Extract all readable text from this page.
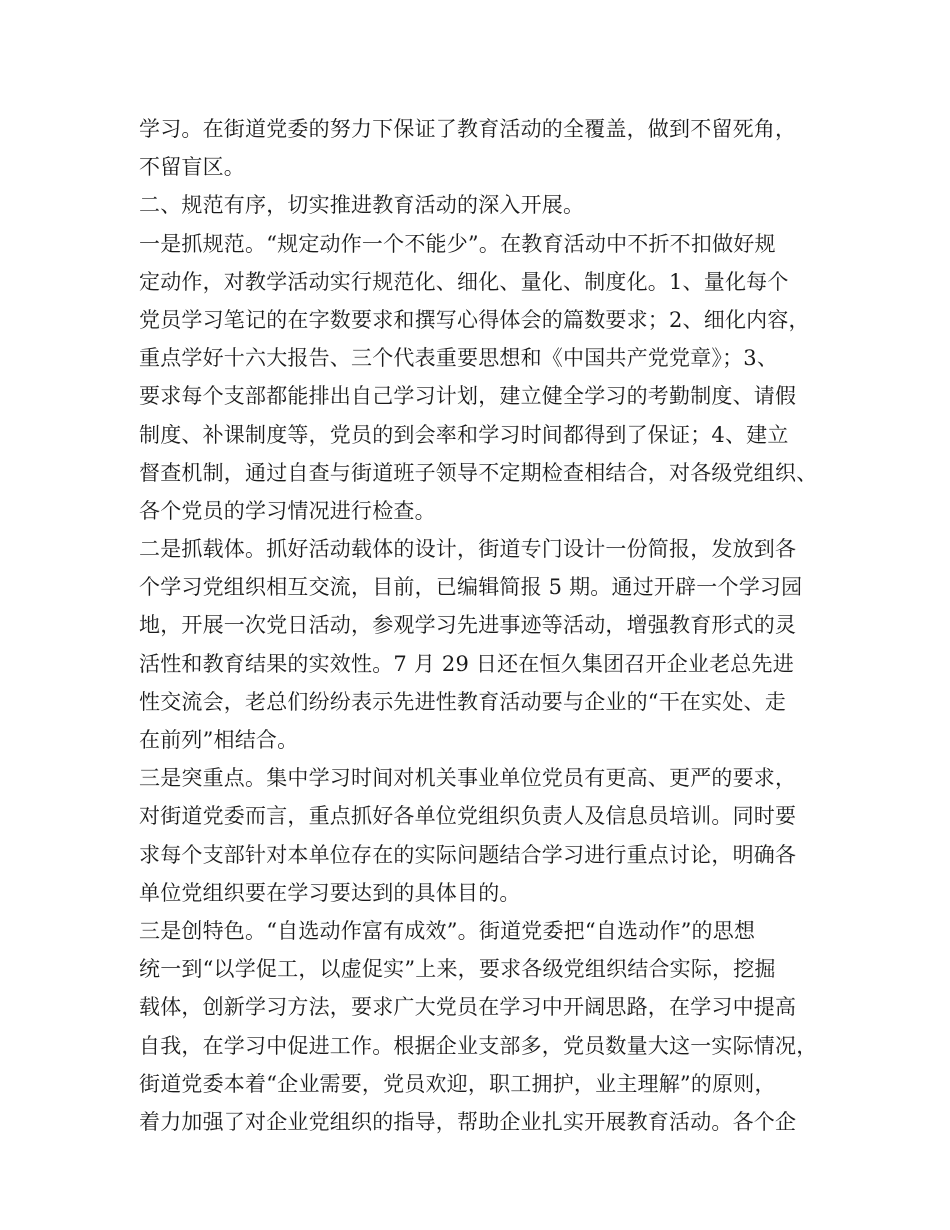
学习。在街道党委的努力下保证了教育活动的全覆盖，做到不留死角，
不留盲区。
二、规范有序，切实推进教育活动的深入开展。
一是抓规范。“规定动作一个不能少”。在教育活动中不折不扣做好规
定动作，对教学活动实行规范化、细化、量化、制度化。1、量化每个
党员学习笔记的在字数要求和撰写心得体会的篇数要求；2、细化内容，
重点学好十六大报告、三个代表重要思想和《中国共产党党章》；3、
要求每个支部都能排出自己学习计划，建立健全学习的考勤制度、请假
制度、补课制度等，党员的到会率和学习时间都得到了保证；4、建立
督查机制，通过自查与街道班子领导不定期检查相结合，对各级党组织、
各个党员的学习情况进行检查。
二是抓载体。抓好活动载体的设计，街道专门设计一份简报，发放到各
个学习党组织相互交流，目前，已编辑简报 5 期。通过开辟一个学习园
地，开展一次党日活动，参观学习先进事迹等活动，增强教育形式的灵
活性和教育结果的实效性。7 月 29 日还在恒久集团召开企业老总先进
性交流会，老总们纷纷表示先进性教育活动要与企业的“干在实处、走
在前列”相结合。
三是突重点。集中学习时间对机关事业单位党员有更高、更严的要求，
对街道党委而言，重点抓好各单位党组织负责人及信息员培训。同时要
求每个支部针对本单位存在的实际问题结合学习进行重点讨论，明确各
单位党组织要在学习要达到的具体目的。
三是创特色。“自选动作富有成效”。街道党委把“自选动作”的思想
统一到“以学促工，以虚促实”上来，要求各级党组织结合实际，挖掘
载体，创新学习方法，要求广大党员在学习中开阔思路，在学习中提高
自我，在学习中促进工作。根据企业支部多，党员数量大这一实际情况，
街道党委本着“企业需要，党员欢迎，职工拥护，业主理解”的原则，
着力加强了对企业党组织的指导，帮助企业扎实开展教育活动。各个企
